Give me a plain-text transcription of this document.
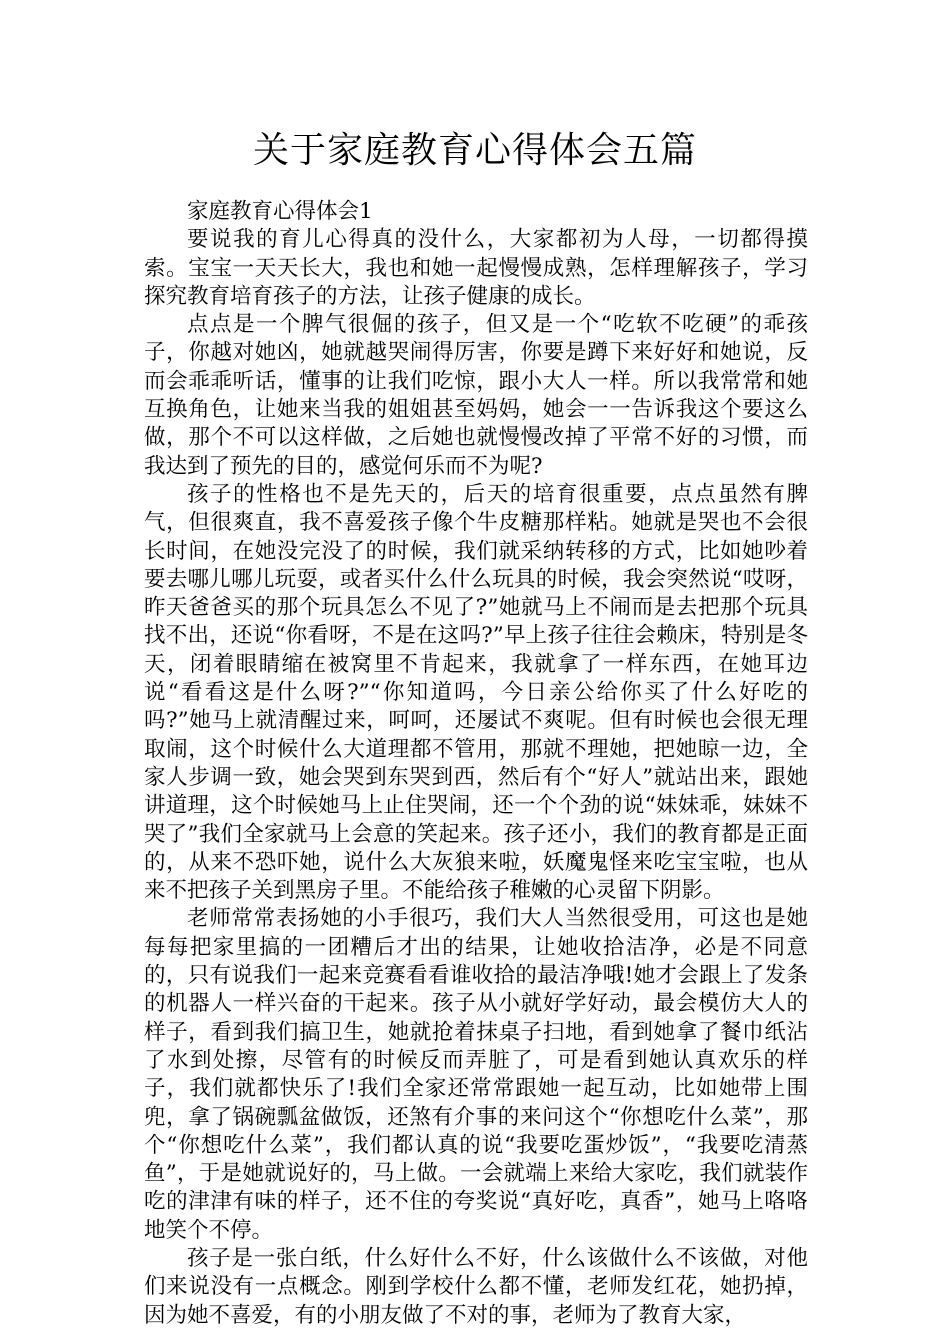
关于家庭教育心得体会五篇

家庭教育心得体会1

要说我的育儿心得真的没什么，大家都初为人母，一切都得摸索。宝宝一天天长大，我也和她一起慢慢成熟，怎样理解孩子，学习探究教育培育孩子的方法，让孩子健康的成长。

点点是一个脾气很倔的孩子，但又是一个“吃软不吃硬”的乖孩子，你越对她凶，她就越哭闹得厉害，你要是蹲下来好好和她说，反而会乖乖听话，懂事的让我们吃惊，跟小大人一样。所以我常常和她互换角色，让她来当我的姐姐甚至妈妈，她会一一告诉我这个要这么做，那个不可以这样做，之后她也就慢慢改掉了平常不好的习惯，而我达到了预先的目的，感觉何乐而不为呢?

孩子的性格也不是先天的，后天的培育很重要，点点虽然有脾气，但很爽直，我不喜爱孩子像个牛皮糖那样粘。她就是哭也不会很长时间，在她没完没了的时候，我们就采纳转移的方式，比如她吵着要去哪儿哪儿玩耍，或者买什么什么玩具的时候，我会突然说“哎呀，昨天爸爸买的那个玩具怎么不见了?”她就马上不闹而是去把那个玩具找不出，还说“你看呀，不是在这吗?”早上孩子往往会赖床，特别是冬天，闭着眼睛缩在被窝里不肯起来，我就拿了一样东西，在她耳边说“看看这是什么呀?”“你知道吗，今日亲公给你买了什么好吃的吗?”她马上就清醒过来，呵呵，还屡试不爽呢。但有时候也会很无理取闹，这个时候什么大道理都不管用，那就不理她，把她晾一边，全家人步调一致，她会哭到东哭到西，然后有个“好人”就站出来，跟她讲道理，这个时候她马上止住哭闹，还一个个劲的说“妹妹乖，妹妹不哭了”我们全家就马上会意的笑起来。孩子还小，我们的教育都是正面的，从来不恐吓她，说什么大灰狼来啦，妖魔鬼怪来吃宝宝啦，也从来不把孩子关到黑房子里。不能给孩子稚嫩的心灵留下阴影。

老师常常表扬她的小手很巧，我们大人当然很受用，可这也是她每每把家里搞的一团糟后才出的结果，让她收拾洁净，必是不同意的，只有说我们一起来竞赛看看谁收拾的最洁净哦!她才会跟上了发条的机器人一样兴奋的干起来。孩子从小就好学好动，最会模仿大人的样子，看到我们搞卫生，她就抢着抹桌子扫地，看到她拿了餐巾纸沾了水到处擦，尽管有的时候反而弄脏了，可是看到她认真欢乐的样子，我们就都快乐了!我们全家还常常跟她一起互动，比如她带上围兜，拿了锅碗瓢盆做饭，还煞有介事的来问这个“你想吃什么菜”，那个“你想吃什么菜”，我们都认真的说“我要吃蛋炒饭”，“我要吃清蒸鱼”，于是她就说好的，马上做。一会就端上来给大家吃，我们就装作吃的津津有味的样子，还不住的夸奖说“真好吃，真香”，她马上咯咯地笑个不停。

孩子是一张白纸，什么好什么不好，什么该做什么不该做，对他们来说没有一点概念。刚到学校什么都不懂，老师发红花，她扔掉，因为她不喜爱，有的小朋友做了不对的事，老师为了教育大家，
